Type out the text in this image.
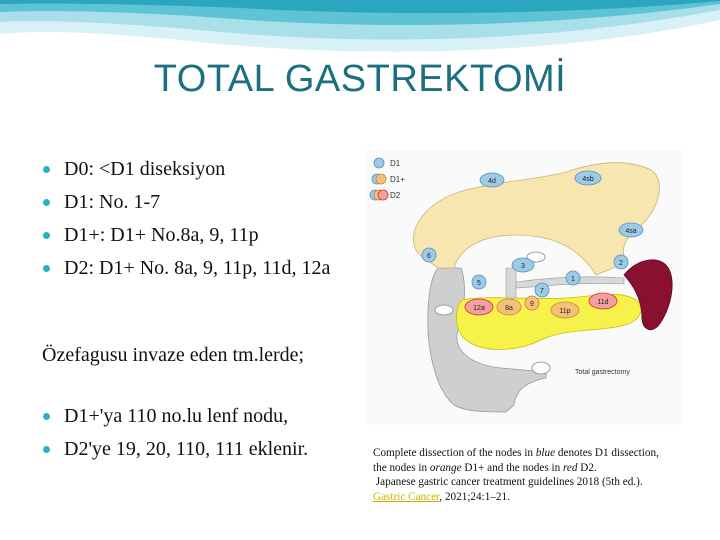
TOTAL GASTREKTOMİ
D0: <D1 diseksiyon
D1: No. 1-7
D1+: D1+ No.8a, 9, 11p
D2: D1+ No. 8a, 9, 11p, 11d, 12a
Özefagusu invaze eden tm.lerde;
D1+'ya 110 no.lu lenf nodu,
D2'ye 19, 20, 110, 111 eklenir.
D1
D1+
D2
4d	4sb
4sa
6
3	2
1
5
7
12a
11d
8a
9
11p
Total gastrectomy
Complete dissection of the nodes in blue denotes D1 dissection, the nodes in orange D1+ and the nodes in red D2.
Japanese gastric cancer treatment guidelines 2018 (5th ed.). Gastric Cancer, 2021;24:1–21.
